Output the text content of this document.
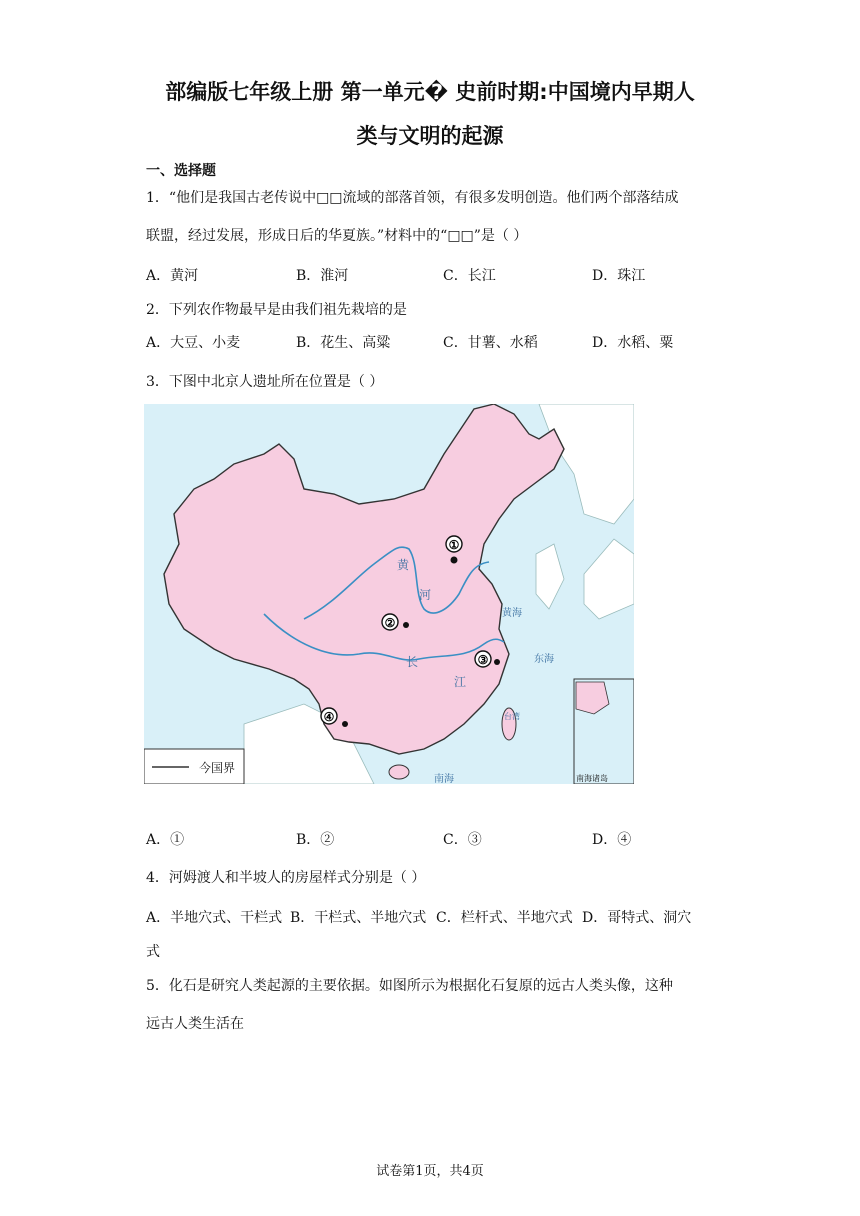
部编版七年级上册 第一单元� 史前时期:中国境内早期人
类与文明的起源
一、选择题
1．“他们是我国古老传说中□□流域的部落首领，有很多发明创造。他们两个部落结成
联盟，经过发展，形成日后的华夏族。”材料中的“□□”是（ ）
A．黄河	B．淮河	C．长江	D．珠江
2．下列农作物最早是由我们祖先栽培的是
A．大豆、小麦	B．花生、高粱	C．甘薯、水稻	D．水稻、粟
3．下图中北京人遗址所在位置是（ ）
今国界
南海诸岛
黄
河
长
江
黄海
东海
南海
台湾
①
②
③
④
A．①	B．②	C．③	D．④
4．河姆渡人和半坡人的房屋样式分别是（ ）
A．半地穴式、干栏式 B．干栏式、半地穴式 C．栏杆式、半地穴式 D．哥特式、洞穴
式
5．化石是研究人类起源的主要依据。如图所示为根据化石复原的远古人类头像，这种
远古人类生活在
试卷第1页，共4页
